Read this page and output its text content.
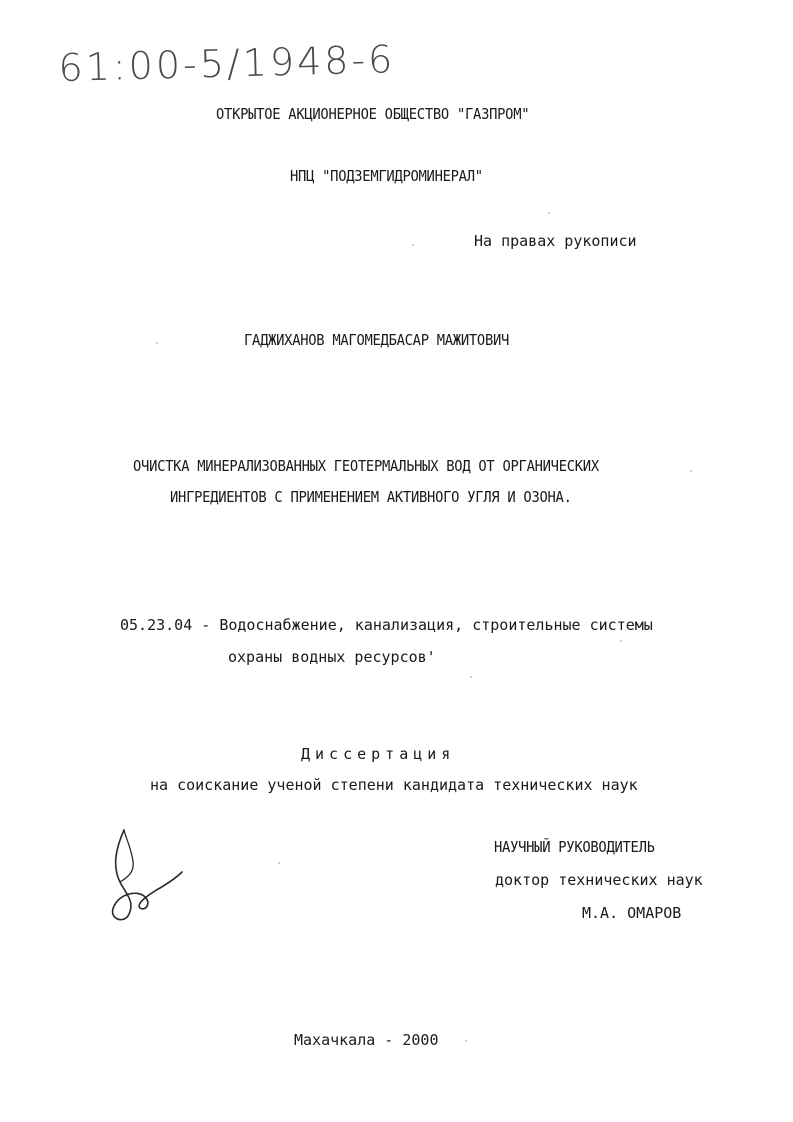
61:00-5/1948-6
ОТКРЫТОЕ АКЦИОНЕРНОЕ ОБЩЕСТВО "ГАЗПРОМ"
НПЦ "ПОДЗЕМГИДРОМИНЕРАЛ"
На правах рукописи
ГАДЖИХАНОВ МАГОМЕДБАСАР МАЖИТОВИЧ
ОЧИСТКА МИНЕРАЛИЗОВАННЫХ ГЕОТЕРМАЛЬНЫХ ВОД ОТ ОРГАНИЧЕСКИХ
ИНГРЕДИЕНТОВ С ПРИМЕНЕНИЕМ АКТИВНОГО УГЛЯ И ОЗОНА.
05.23.04 - Водоснабжение, канализация, строительные системы
охраны водных ресурсов'
Диссертация
на соискание ученой степени кандидата технических наук
НАУЧНЫЙ РУКОВОДИТЕЛЬ
доктор технических наук
М.А. ОМАРОВ
Махачкала - 2000
